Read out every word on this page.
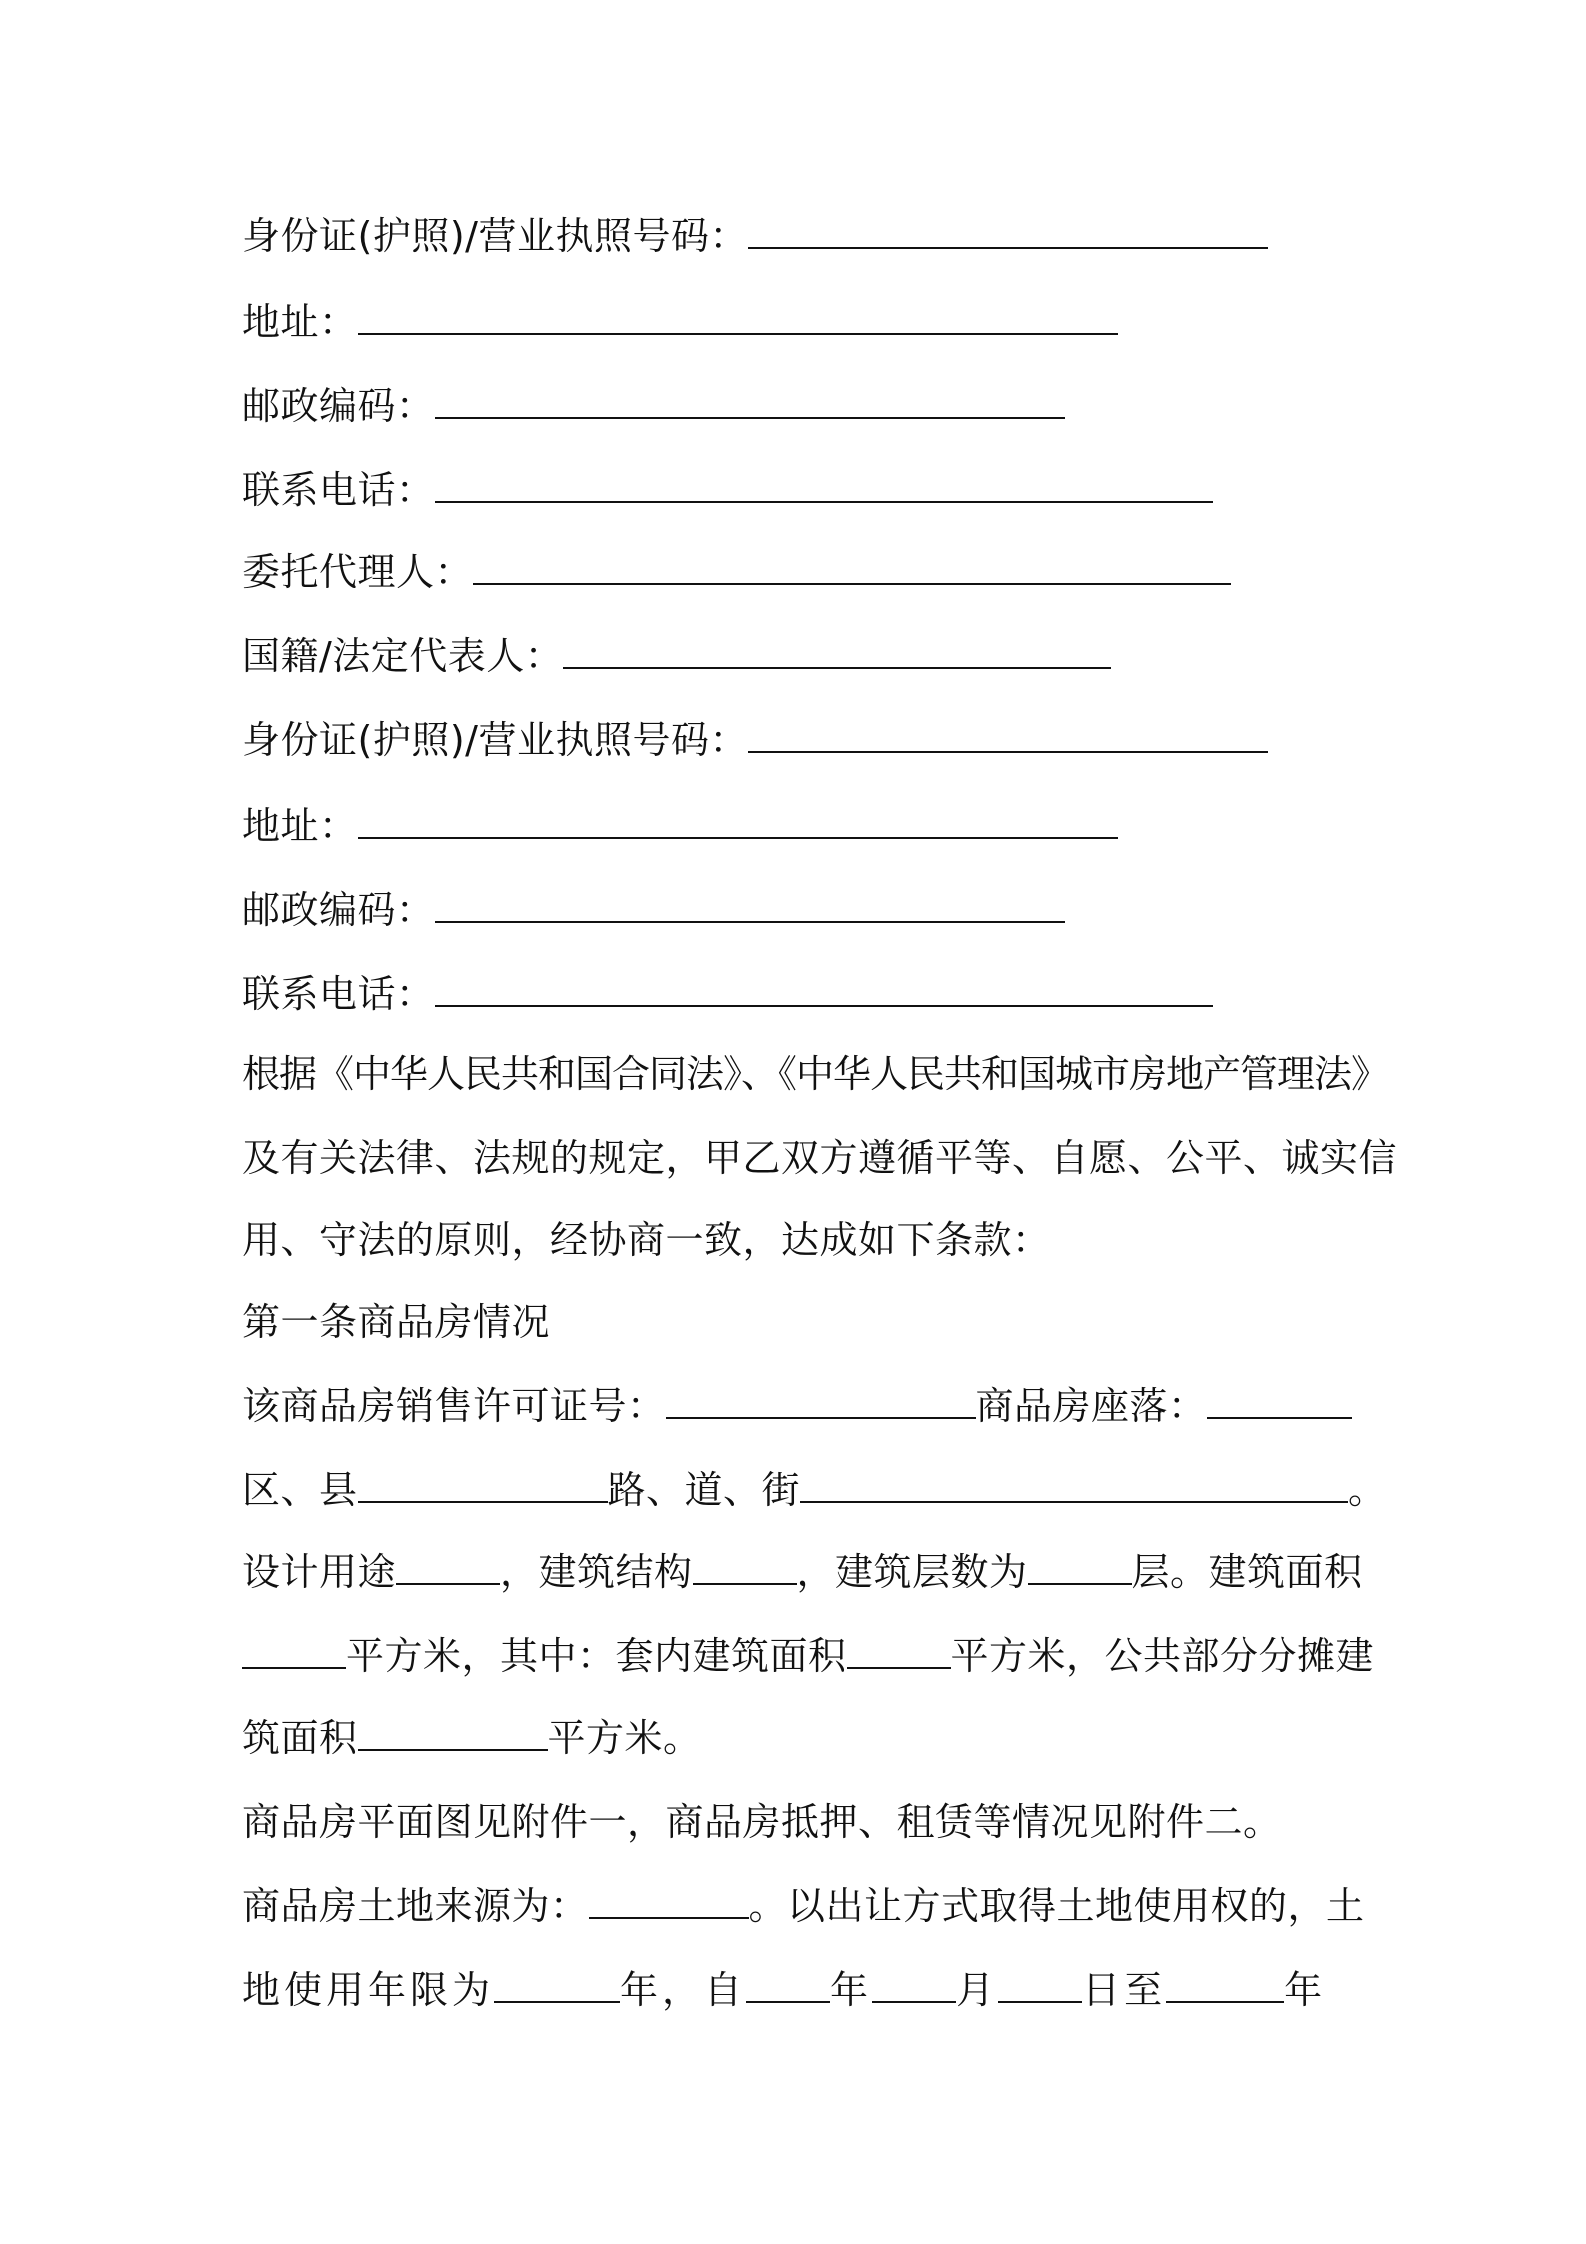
身份证(护照)/营业执照号码：
地址：
邮政编码：
联系电话：
委托代理人：
国籍/法定代表人：
身份证(护照)/营业执照号码：
地址：
邮政编码：
联系电话：
根据《中华人民共和国合同法》、《中华人民共和国城市房地产管理法》
及有关法律、法规的规定，甲乙双方遵循平等、自愿、公平、诚实信
用、守法的原则，经协商一致，达成如下条款：
第一条商品房情况
该商品房销售许可证号：	商品房座落：
区、县	路、道、街	。
设计用途	，建筑结构	，建筑层数为	层。建筑面积
平方米，其中：套内建筑面积	平方米，公共部分分摊建
筑面积	平方米。
商品房平面图见附件一，商品房抵押、租赁等情况见附件二。
商品房土地来源为：	。以出让方式取得土地使用权的，土
地使用年限为	年，自 年 月 日至	年
